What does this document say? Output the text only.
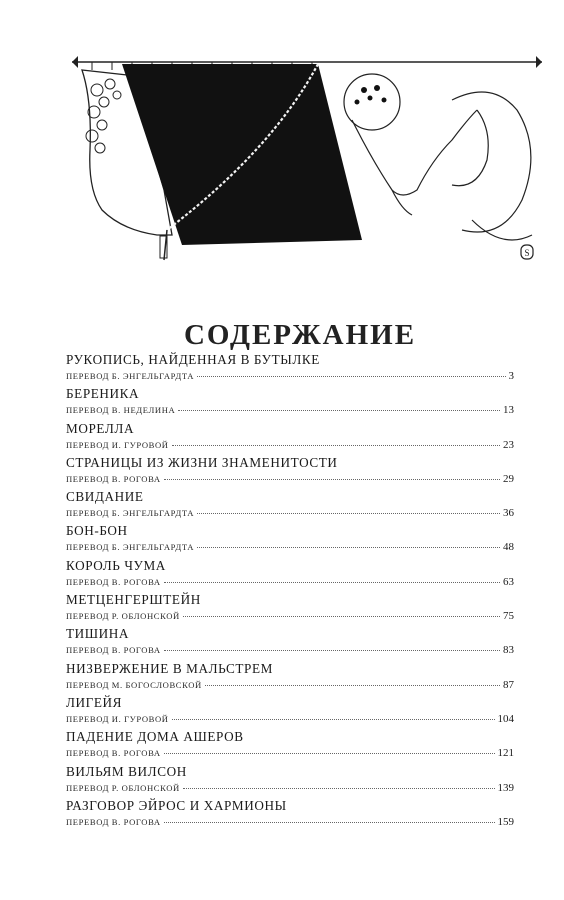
S
СОДЕРЖАНИЕ
РУКОПИСЬ, НАЙДЕННАЯ В БУТЫЛКЕ
ПЕРЕВОД Б. ЭНГЕЛЬГАРДТА	3
БЕРЕНИКА
ПЕРЕВОД В. НЕДЕЛИНА	13
МОРЕЛЛА
ПЕРЕВОД И. ГУРОВОЙ	23
СТРАНИЦЫ ИЗ ЖИЗНИ ЗНАМЕНИТОСТИ
ПЕРЕВОД В. РОГОВА	29
СВИДАНИЕ
ПЕРЕВОД Б. ЭНГЕЛЬГАРДТА	36
БОН-БОН
ПЕРЕВОД Б. ЭНГЕЛЬГАРДТА	48
КОРОЛЬ ЧУМА
ПЕРЕВОД В. РОГОВА	63
МЕТЦЕНГЕРШТЕЙН
ПЕРЕВОД Р. ОБЛОНСКОЙ	75
ТИШИНА
ПЕРЕВОД В. РОГОВА	83
НИЗВЕРЖЕНИЕ В МАЛЬСТРЕМ
ПЕРЕВОД М. БОГОСЛОВСКОЙ	87
ЛИГЕЙЯ
ПЕРЕВОД И. ГУРОВОЙ	104
ПАДЕНИЕ ДОМА АШЕРОВ
ПЕРЕВОД В. РОГОВА	121
ВИЛЬЯМ ВИЛСОН
ПЕРЕВОД Р. ОБЛОНСКОЙ	139
РАЗГОВОР ЭЙРОС И ХАРМИОНЫ
ПЕРЕВОД В. РОГОВА	159
